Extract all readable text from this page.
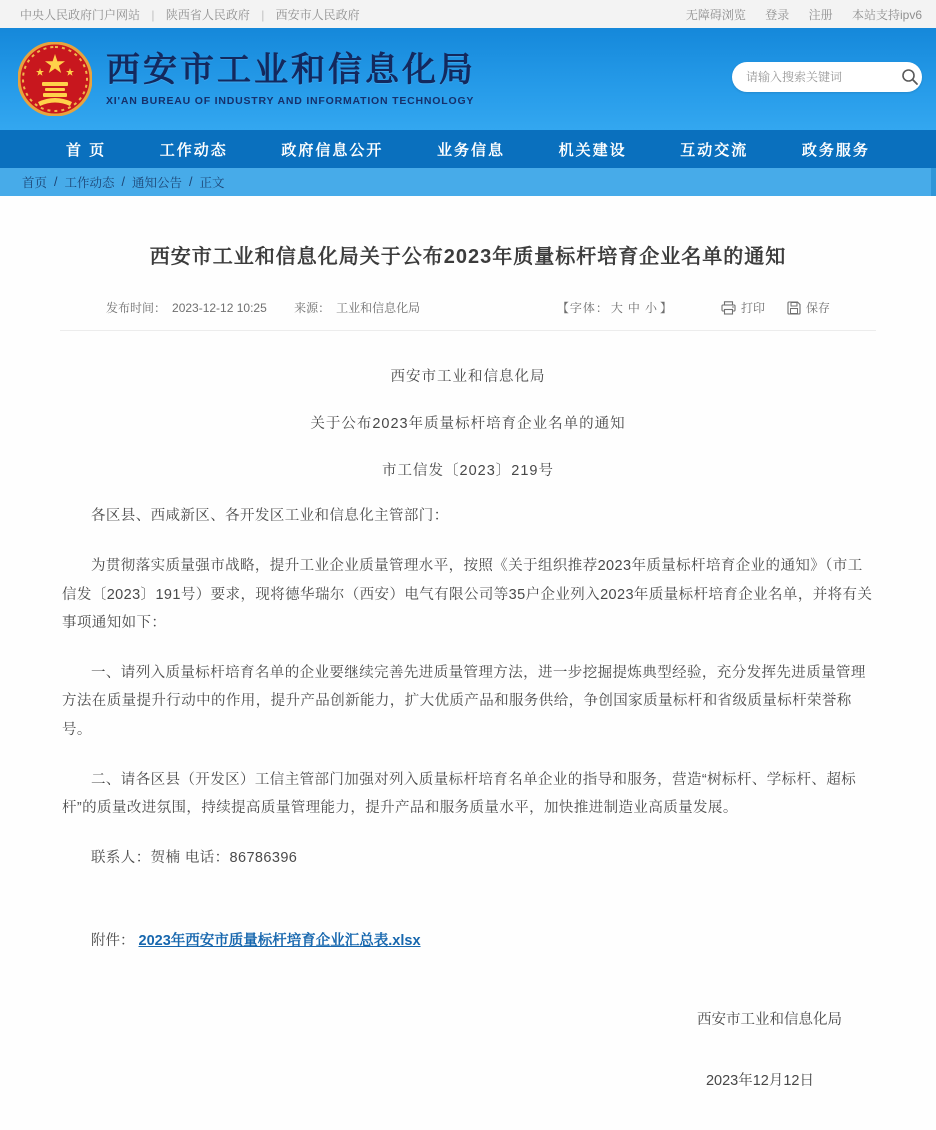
中央人民政府门户网站 | 陕西省人民政府 | 西安市人民政府	无障碍浏览 登录 注册 本站支持ipv6
西安市工业和信息化局
XI'AN BUREAU OF INDUSTRY AND INFORMATION TECHNOLOGY
请输入搜索关键词
首 页	工作动态	政府信息公开	业务信息	机关建设	互动交流	政务服务
首页 / 工作动态 / 通知公告 / 正文
西安市工业和信息化局关于公布2023年质量标杆培育企业名单的通知
发布时间： 2023-12-12 10:25 来源： 工业和信息化局	【字体： 大 中 小 】	打印	保存
西安市工业和信息化局
关于公布2023年质量标杆培育企业名单的通知
市工信发〔2023〕219号

各区县、西咸新区、各开发区工业和信息化主管部门：

为贯彻落实质量强市战略，提升工业企业质量管理水平，按照《关于组织推荐2023年质量标杆培育企业的通知》（市工信发〔2023〕191号）要求，现将德华瑞尔（西安）电气有限公司等35户企业列入2023年质量标杆培育企业名单，并将有关事项通知如下：

一、请列入质量标杆培育名单的企业要继续完善先进质量管理方法，进一步挖掘提炼典型经验，充分发挥先进质量管理方法在质量提升行动中的作用，提升产品创新能力，扩大优质产品和服务供给，争创国家质量标杆和省级质量标杆荣誉称号。

二、请各区县（开发区）工信主管部门加强对列入质量标杆培育名单企业的指导和服务，营造“树标杆、学标杆、超标杆”的质量改进氛围，持续提高质量管理能力，提升产品和服务质量水平，加快推进制造业高质量发展。

联系人：贺楠 电话：86786396

附件： 2023年西安市质量标杆培育企业汇总表.xlsx
西安市工业和信息化局
2023年12月12日
